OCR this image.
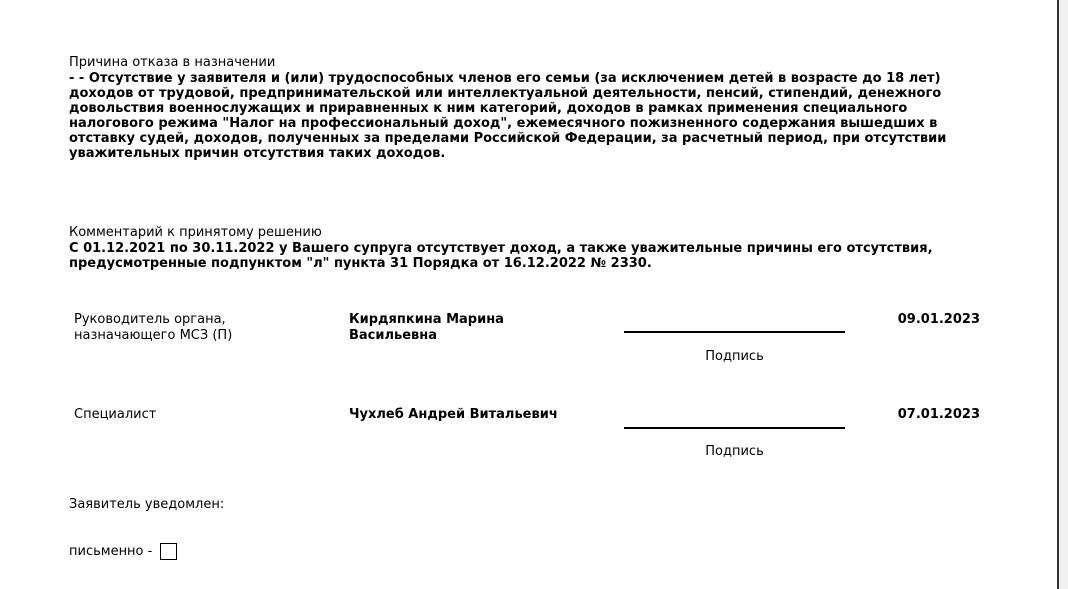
Причина отказа в назначении
- - Отсутствие у заявителя и (или) трудоспособных членов его семьи (за исключением детей в возрасте до 18 лет) доходов от трудовой, предпринимательской или интеллектуальной деятельности, пенсий, стипендий, денежного довольствия военнослужащих и приравненных к ним категорий, доходов в рамках применения специального налогового режима "Налог на профессиональный доход", ежемесячного пожизненного содержания вышедших в отставку судей, доходов, полученных за пределами Российской Федерации, за расчетный период, при отсутствии уважительных причин отсутствия таких доходов.
Комментарий к принятому решению
С 01.12.2021 по 30.11.2022 у Вашего супруга отсутствует доход, а также уважительные причины его отсутствия, предусмотренные подпунктом "л" пункта 31 Порядка от 16.12.2022 № 2330.
Руководитель органа, назначающего МСЗ (П)
Кирдяпкина Марина Васильевна
Подпись
09.01.2023
Специалист	Чухлеб Андрей Витальевич
Подпись
07.01.2023
Заявитель уведомлен:
письменно -
